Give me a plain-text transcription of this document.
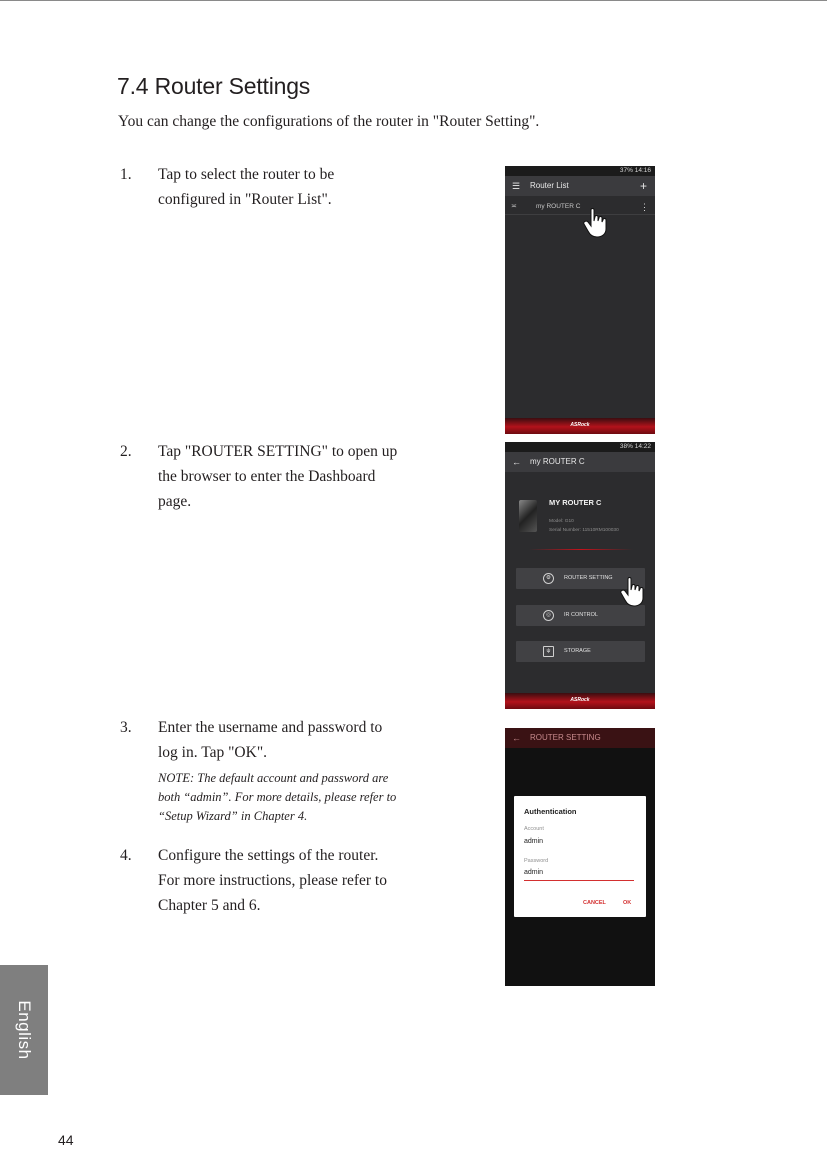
7.4 Router Settings

You can change the configurations of the router in "Router Setting".

1. Tap to select the router to be
configured in "Router List".
2. Tap "ROUTER SETTING" to open up
the browser to enter the Dashboard
page.
3. Enter the username and password to
log in. Tap "OK".
NOTE: The default account and password are
both “admin”. For more details, please refer to
“Setup Wizard” in Chapter 4.
4. Configure the settings of the router.
For more instructions, please refer to
Chapter 5 and 6.
37% 14:16
☰ Router List	+
≍	my ROUTER C	⋮
ASRock
38% 14:22
← my ROUTER C
MY ROUTER C
Model: G10
Serial Number: 11510RM100030
⚙	ROUTER SETTING
◎	IR CONTROL
ψ	STORAGE
ASRock
← ROUTER SETTING
Authentication
Account
admin
Password
admin
CANCEL	OK
English
44
